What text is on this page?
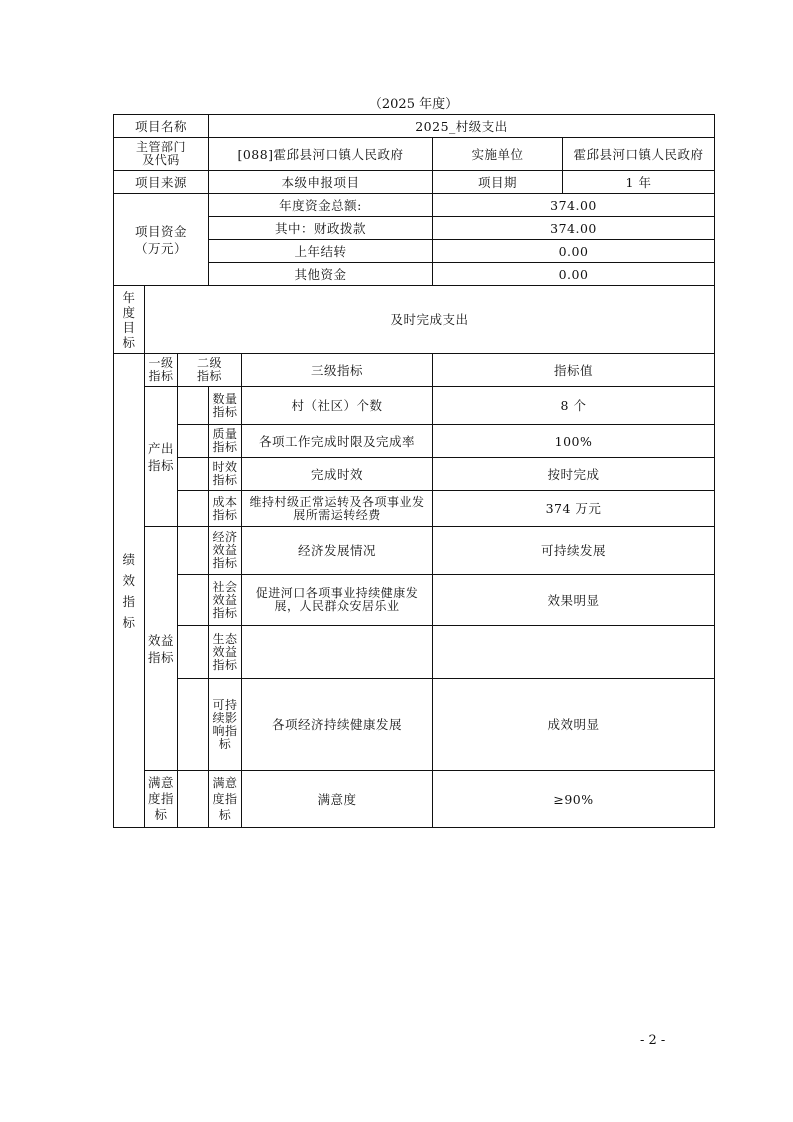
（2025 年度）
项目名称			2025_村级支出			
主管部门
及代码			[088]霍邱县河口镇人民政府		实施单位	霍邱县河口镇人民政府
项目来源			本级申报项目		项目期	1 年
项目资金
（万元）			年度资金总额:		374.00	
			其中：财政拨款		374.00	
			上年结转		0.00	
			其他资金		0.00	

年度目标	及时完成支出					

绩效指标	一级指标	二级指标		三级指标	指标值	

	产出指标		数量指标	村（社区）个数	8 个	

			质量指标	各项工作完成时限及完成率	100%	

			时效指标	完成时效	按时完成	

			成本指标	维持村级正常运转及各项事业发展所需运转经费	374 万元	

	效益指标		经济效益指标	经济发展情况	可持续发展	

			社会效益指标	促进河口各项事业持续健康发展，人民群众安居乐业	效果明显	

			生态效益指标			

			可持续影响指标	各项经济持续健康发展	成效明显	

	满意度指标		满意度指标	满意度	≥90%	
- 2 -
